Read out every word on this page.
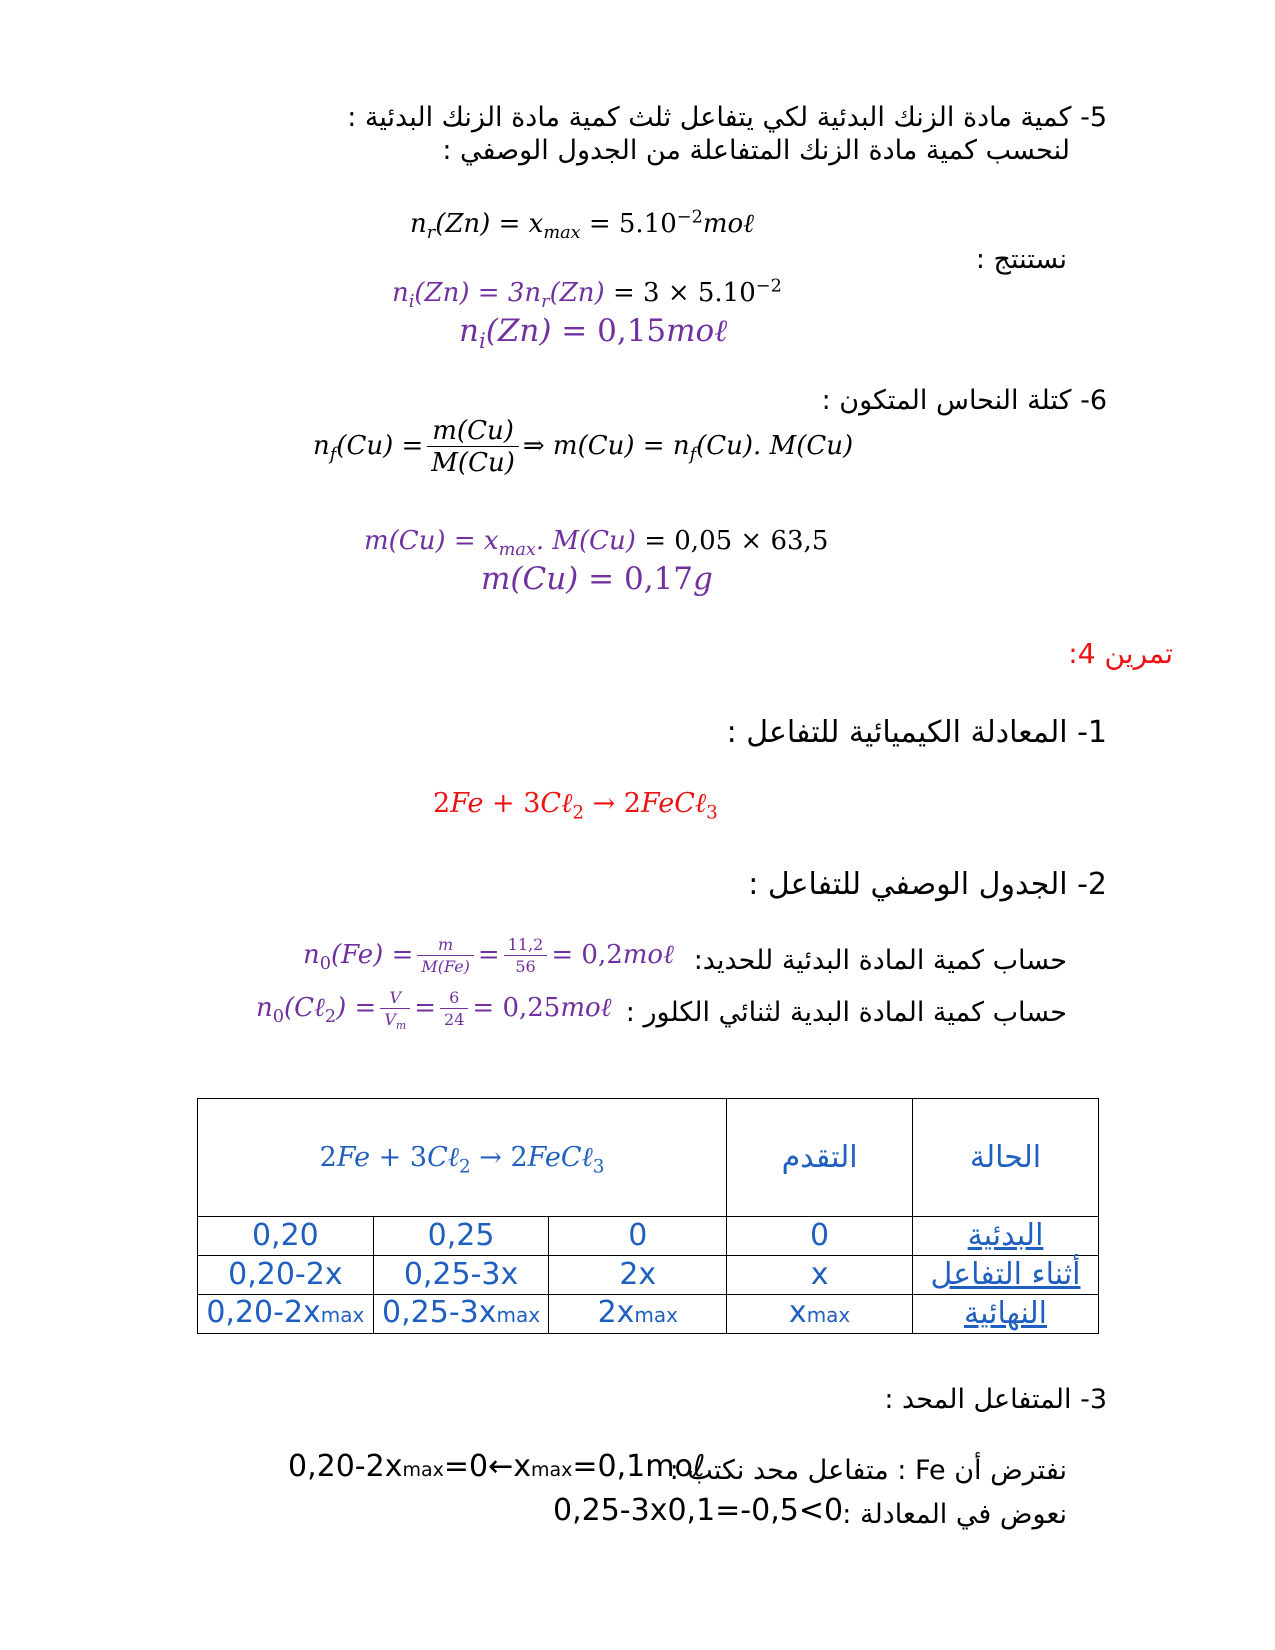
5- كمية مادة الزنك البدئية لكي يتفاعل ثلث كمية مادة الزنك البدئية :
لنحسب كمية مادة الزنك المتفاعلة من الجدول الوصفي :
$n_r(Zn) = x_{max}$ = $5.10^{-2}mo\ell$
نستنتج :
$n_i(Zn) = 3n_r(Zn) = 3 \times 5.10^{-2}$
$n_i(Zn)$ = 0,15moℓ
6- كتلة النحاس المتكون :
$n_f(Cu) = \frac{m(Cu)}{M(Cu)}$ ⇒ $m(Cu) = n_f(Cu)$. M(Cu)
$m(Cu) = x_{max}$. M(Cu) = 0,05 × 63,5
m(Cu) = 0,17g
تمرين 4:
1- المعادلة الكيميائية للتفاعل :
2Fe + 3Cℓ$_2$ → 2FeCℓ$_3$
2- الجدول الوصفي للتفاعل :
حساب كمية المادة البدئية للحديد:
$n_0(Fe) = \frac{m}{M(Fe)} = \frac{11,2}{56}$ = 0,2moℓ
حساب كمية المادة البدية لثنائي الكلور :
$n_0(C\ell_2) = \frac{V}{V_m} = \frac{6}{24}$ = 0,25moℓ
2Fe + 3Cℓ$_2$ → 2FeCℓ$_3$			التقدم	الحالة
0,20	0,25	0	0	البدئية
0,20-2x	0,25-3x	2x	x	أثناء التفاعل
0,20-2xmax	0,25-3xmax	2xmax	xmax	النهائية
3- المتفاعل المحد :
نفترض أن Fe : متفاعل محد نكتب :
0,20-2xmax=0←xmax=0,1moℓ
نعوض في المعادلة :
0,25-3x0,1=-0,5<0
